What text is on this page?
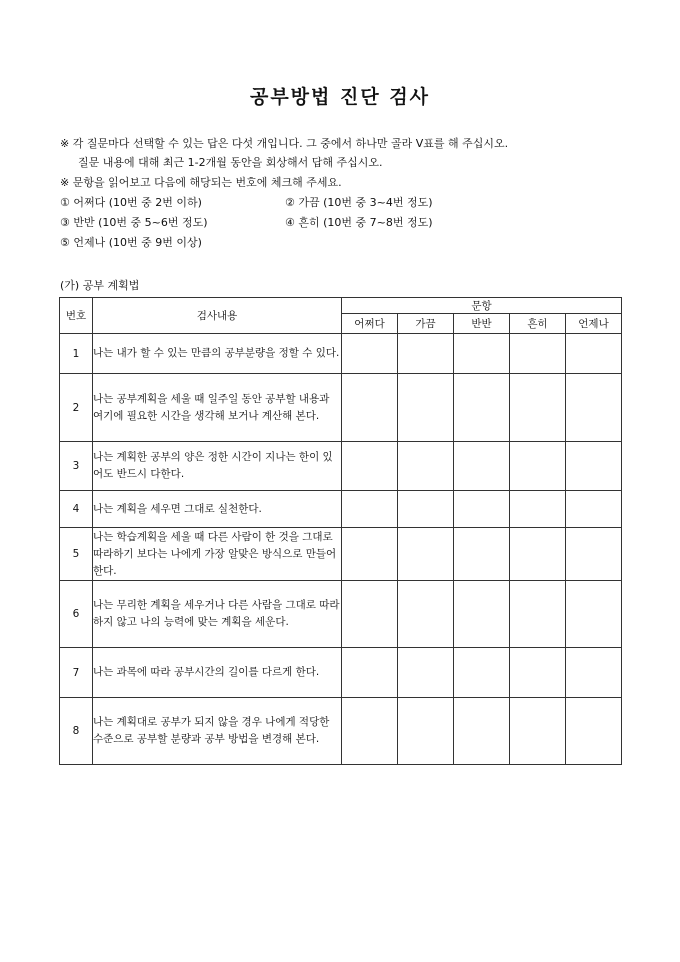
공부방법 진단 검사
※ 각 질문마다 선택할 수 있는 답은 다섯 개입니다. 그 중에서 하나만 골라 V표를 해 주십시오.
질문 내용에 대해 최근 1-2개월 동안을 회상해서 답해 주십시오.
※ 문항을 읽어보고 다음에 해당되는 번호에 체크해 주세요.
① 어쩌다 (10번 중 2번 이하)	② 가끔 (10번 중 3~4번 정도)
③ 반반 (10번 중 5~6번 정도)	④ 흔히 (10번 중 7~8번 정도)
⑤ 언제나 (10번 중 9번 이상)
(가) 공부 계획법
번호	검사내용	문항				
		어쩌다	가끔	반반	흔히	언제나
1	나는 내가 할 수 있는 만큼의 공부분량을 정할 수 있다.					
2	나는 공부계획을 세울 때 일주일 동안 공부할 내용과 여기에 필요한 시간을 생각해 보거나 계산해 본다.					
3	나는 계획한 공부의 양은 정한 시간이 지나는 한이 있어도 반드시 다한다.					
4	나는 계획을 세우면 그대로 실천한다.					
5	나는 학습계획을 세울 때 다른 사람이 한 것을 그대로 따라하기 보다는 나에게 가장 알맞은 방식으로 만들어 한다.					
6	나는 무리한 계획을 세우거나 다른 사람을 그대로 따라하지 않고 나의 능력에 맞는 계획을 세운다.					
7	나는 과목에 따라 공부시간의 길이를 다르게 한다.					
8	나는 계획대로 공부가 되지 않을 경우 나에게 적당한 수준으로 공부할 분량과 공부 방법을 변경해 본다.					
